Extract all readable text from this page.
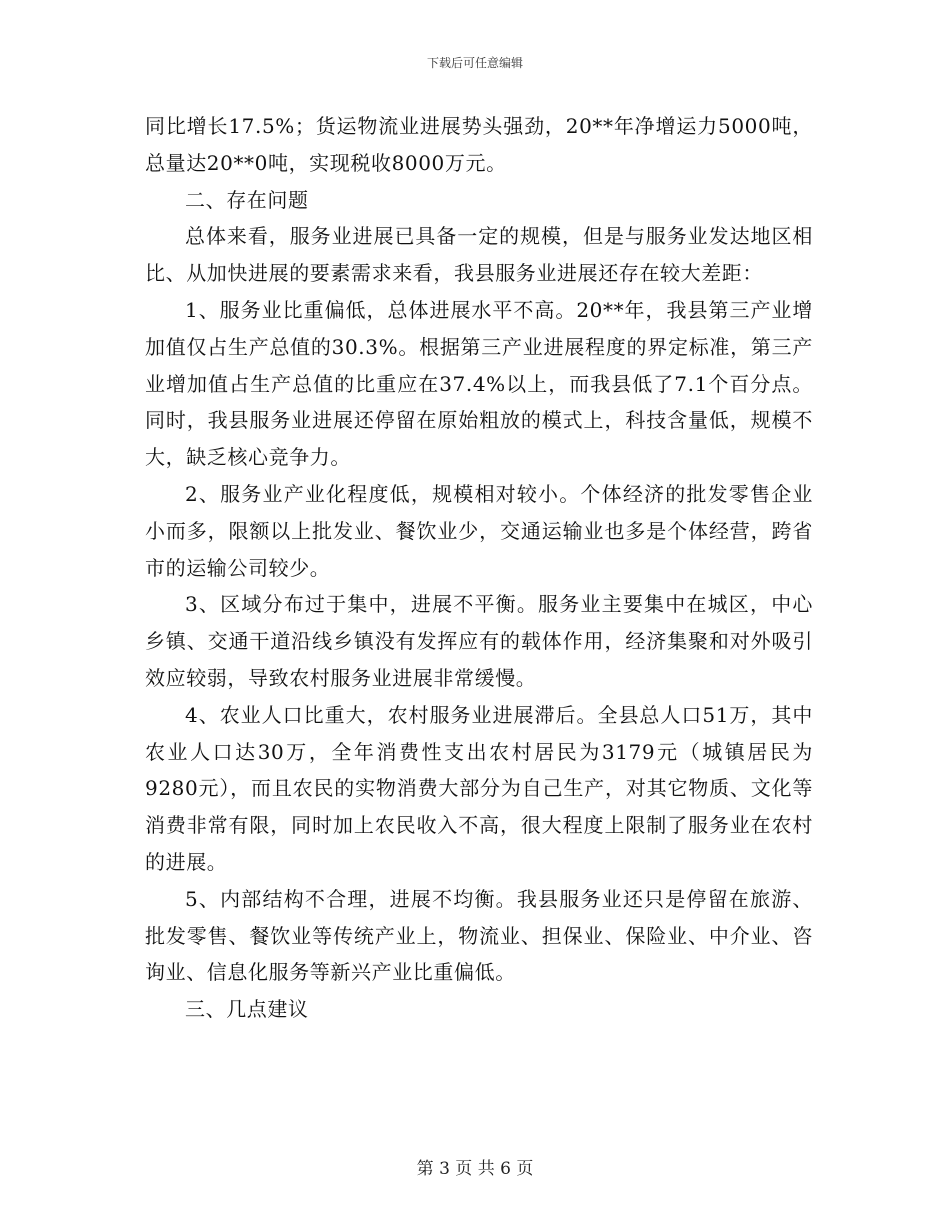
下载后可任意编辑

同比增长17.5%；货运物流业进展势头强劲，20**年净增运力5000吨，总量达20**0吨，实现税收8000万元。

二、存在问题

总体来看，服务业进展已具备一定的规模，但是与服务业发达地区相比、从加快进展的要素需求来看，我县服务业进展还存在较大差距：

1、服务业比重偏低，总体进展水平不高。20**年，我县第三产业增加值仅占生产总值的30.3%。根据第三产业进展程度的界定标准，第三产业增加值占生产总值的比重应在37.4%以上，而我县低了7.1个百分点。同时，我县服务业进展还停留在原始粗放的模式上，科技含量低，规模不大，缺乏核心竞争力。

2、服务业产业化程度低，规模相对较小。个体经济的批发零售企业小而多，限额以上批发业、餐饮业少，交通运输业也多是个体经营，跨省市的运输公司较少。

3、区域分布过于集中，进展不平衡。服务业主要集中在城区，中心乡镇、交通干道沿线乡镇没有发挥应有的载体作用，经济集聚和对外吸引效应较弱，导致农村服务业进展非常缓慢。

4、农业人口比重大，农村服务业进展滞后。全县总人口51万，其中农业人口达30万，全年消费性支出农村居民为3179元（城镇居民为9280元），而且农民的实物消费大部分为自己生产，对其它物质、文化等消费非常有限，同时加上农民收入不高，很大程度上限制了服务业在农村的进展。

5、内部结构不合理，进展不均衡。我县服务业还只是停留在旅游、批发零售、餐饮业等传统产业上，物流业、担保业、保险业、中介业、咨询业、信息化服务等新兴产业比重偏低。

三、几点建议

第 3 页 共 6 页
